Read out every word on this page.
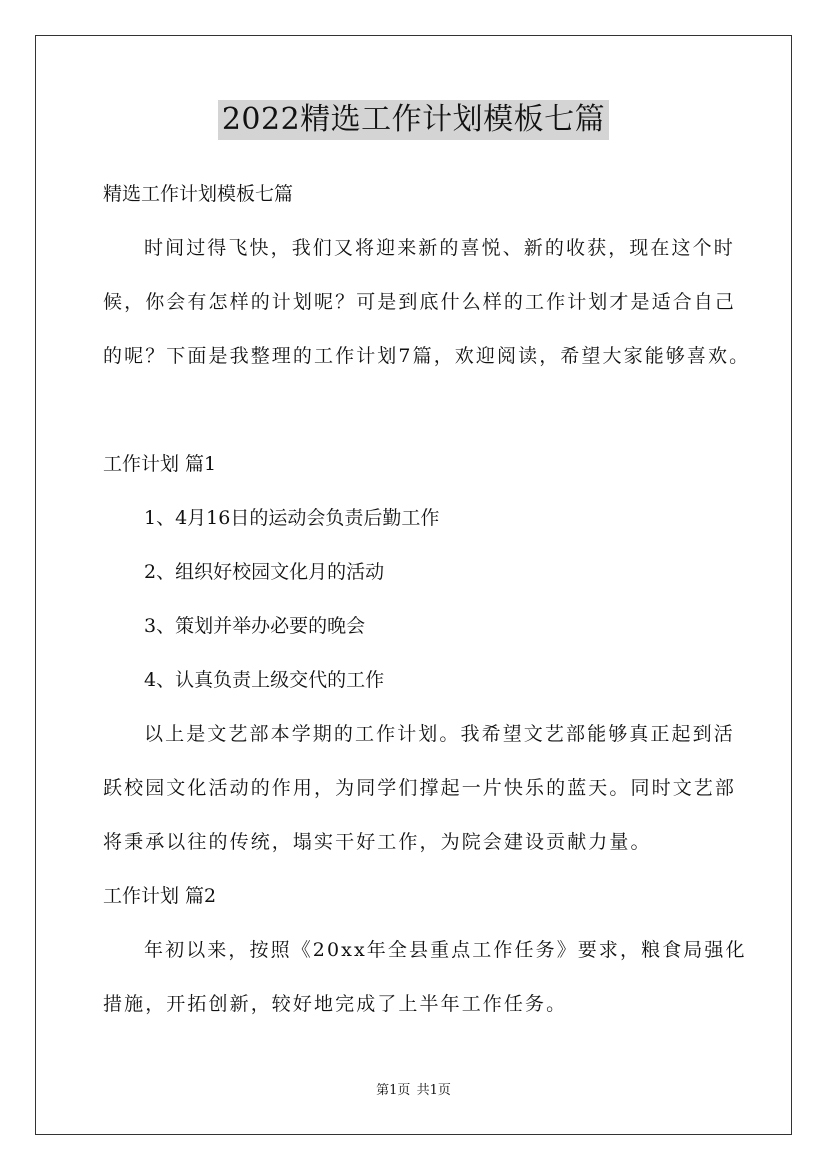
2022精选工作计划模板七篇
精选工作计划模板七篇
时间过得飞快，我们又将迎来新的喜悦、新的收获，现在这个时
候，你会有怎样的计划呢？可是到底什么样的工作计划才是适合自己
的呢？下面是我整理的工作计划7篇，欢迎阅读，希望大家能够喜欢。
工作计划 篇1
1、4月16日的运动会负责后勤工作
2、组织好校园文化月的活动
3、策划并举办必要的晚会
4、认真负责上级交代的工作
以上是文艺部本学期的工作计划。我希望文艺部能够真正起到活
跃校园文化活动的作用，为同学们撑起一片快乐的蓝天。同时文艺部
将秉承以往的传统，塌实干好工作，为院会建设贡献力量。
工作计划 篇2
年初以来，按照《20xx年全县重点工作任务》要求，粮食局强化
措施，开拓创新，较好地完成了上半年工作任务。
第1页 共1页
